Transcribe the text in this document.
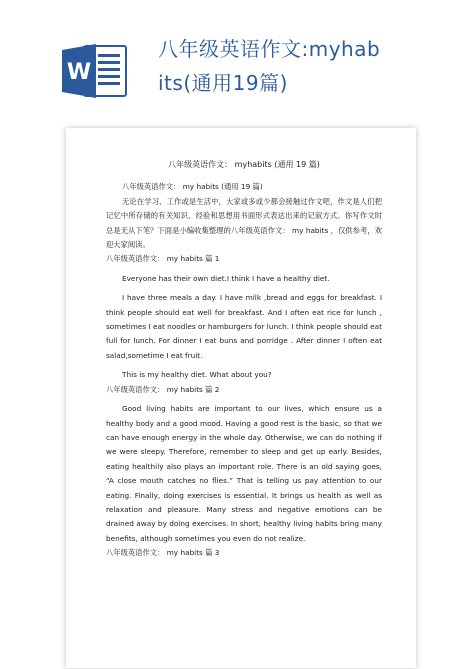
W
八年级英语作文:myhab
its(通用19篇)

八年级英语作文： myhabits (通用 19 篇)

八年级英语作文： my habits (通用 19 篇)

无论在学习、工作或是生活中，大家或多或少都会接触过作文吧，作文是人们把记忆中所存储的有关知识、经验和思想用书面形式表达出来的记叙方式。你写作文时总是无从下笔？下面是小编收集整理的八年级英语作文： my habits ，仅供参考，欢迎大家阅读。

八年级英语作文： my habits 篇 1

Everyone has their own diet.I think I have a healthy diet.

I have three meals a day. I have milk ,bread and eggs for breakfast. I think people should eat well for breakfast. And I often eat rice for lunch , sometimes I eat noodles or hamburgers for lunch. I think people should eat full for lunch. For dinner I eat buns and porridge . After dinner I often eat salad,sometime I eat fruit.

This is my healthy diet. What about you?

八年级英语作文： my habits 篇 2

Good living habits are important to our lives, which ensure us a healthy body and a good mood. Having a good rest is the basic, so that we can have enough energy in the whole day. Otherwise, we can do nothing if we were sleepy. Therefore, remember to sleep and get up early. Besides, eating healthily also plays an important role. There is an old saying goes, “A close mouth catches no flies.” That is telling us pay attention to our eating. Finally, doing exercises is essential. It brings us health as well as relaxation and pleasure. Many stress and negative emotions can be drained away by doing exercises. In short, healthy living habits bring many benefits, although sometimes you even do not realize.

八年级英语作文： my habits 篇 3
